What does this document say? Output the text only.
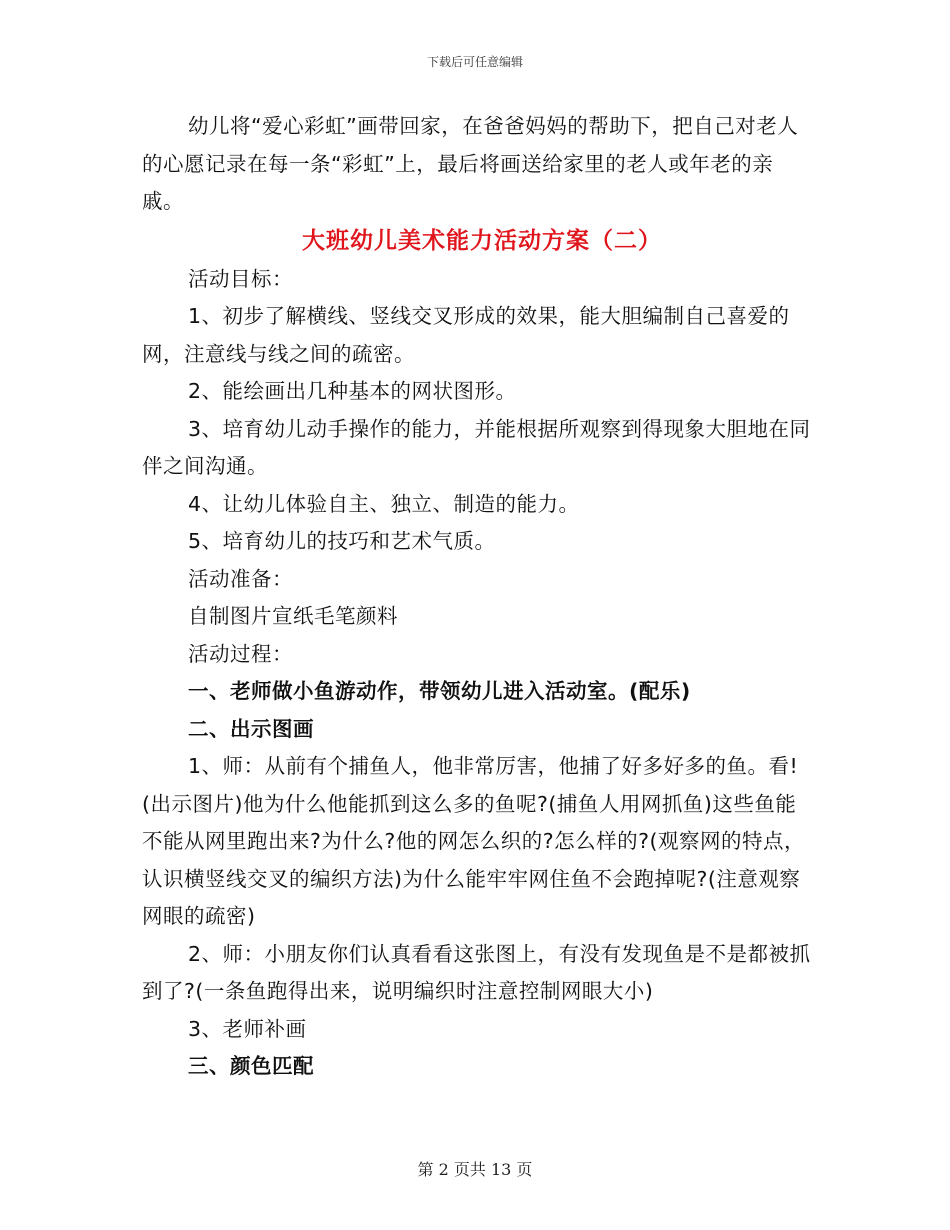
下载后可任意编辑

幼儿将“爱心彩虹”画带回家，在爸爸妈妈的帮助下，把自己对老人的心愿记录在每一条“彩虹”上，最后将画送给家里的老人或年老的亲戚。

大班幼儿美术能力活动方案（二）

活动目标：

1、初步了解横线、竖线交叉形成的效果，能大胆编制自己喜爱的网，注意线与线之间的疏密。

2、能绘画出几种基本的网状图形。

3、培育幼儿动手操作的能力，并能根据所观察到得现象大胆地在同伴之间沟通。

4、让幼儿体验自主、独立、制造的能力。

5、培育幼儿的技巧和艺术气质。

活动准备：

自制图片宣纸毛笔颜料

活动过程：

一、老师做小鱼游动作，带领幼儿进入活动室。(配乐)

二、出示图画

1、师：从前有个捕鱼人，他非常厉害，他捕了好多好多的鱼。看!(出示图片)他为什么他能抓到这么多的鱼呢?(捕鱼人用网抓鱼)这些鱼能不能从网里跑出来?为什么?他的网怎么织的?怎么样的?(观察网的特点，认识横竖线交叉的编织方法)为什么能牢牢网住鱼不会跑掉呢?(注意观察网眼的疏密)

2、师：小朋友你们认真看看这张图上，有没有发现鱼是不是都被抓到了?(一条鱼跑得出来，说明编织时注意控制网眼大小)

3、老师补画

三、颜色匹配

第 2 页共 13 页
